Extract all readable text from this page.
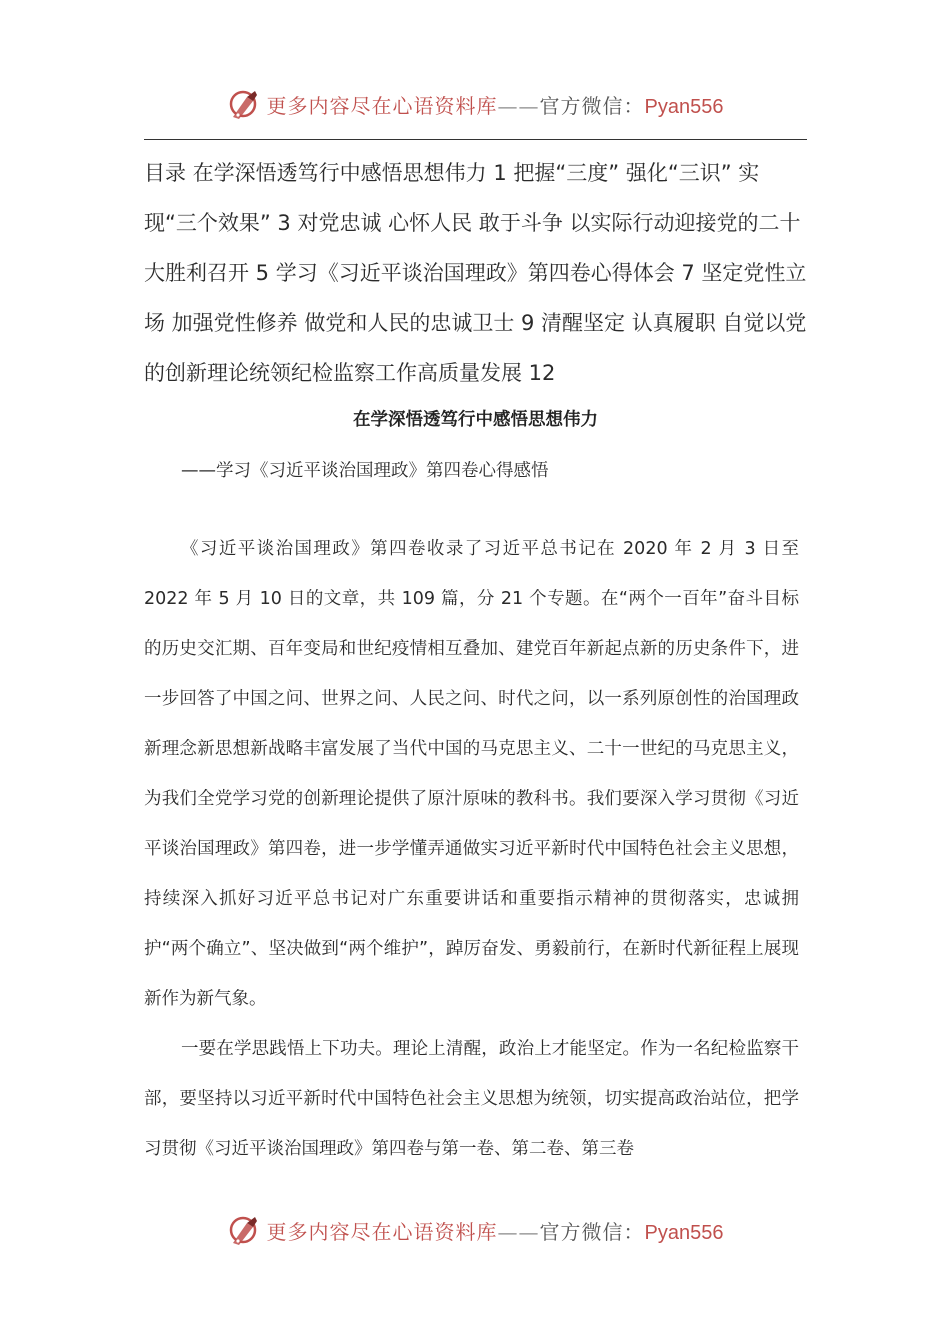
更多内容尽在心语资料库——官方微信：Pyan556

目录 在学深悟透笃行中感悟思想伟力 1 把握“三度” 强化“三识” 实现“三个效果” 3 对党忠诚 心怀人民 敢于斗争 以实际行动迎接党的二十大胜利召开 5 学习《习近平谈治国理政》第四卷心得体会 7 坚定党性立场 加强党性修养 做党和人民的忠诚卫士 9 清醒坚定 认真履职 自觉以党的创新理论统领纪检监察工作高质量发展 12

在学深悟透笃行中感悟思想伟力

——学习《习近平谈治国理政》第四卷心得感悟

《习近平谈治国理政》第四卷收录了习近平总书记在 2020 年 2 月 3 日至 2022 年 5 月 10 日的文章，共 109 篇，分 21 个专题。在“两个一百年”奋斗目标的历史交汇期、百年变局和世纪疫情相互叠加、建党百年新起点新的历史条件下，进一步回答了中国之问、世界之问、人民之问、时代之问，以一系列原创性的治国理政新理念新思想新战略丰富发展了当代中国的马克思主义、二十一世纪的马克思主义，为我们全党学习党的创新理论提供了原汁原味的教科书。我们要深入学习贯彻《习近平谈治国理政》第四卷，进一步学懂弄通做实习近平新时代中国特色社会主义思想，持续深入抓好习近平总书记对广东重要讲话和重要指示精神的贯彻落实，忠诚拥护“两个确立”、坚决做到“两个维护”，踔厉奋发、勇毅前行，在新时代新征程上展现新作为新气象。

一要在学思践悟上下功夫。理论上清醒，政治上才能坚定。作为一名纪检监察干部，要坚持以习近平新时代中国特色社会主义思想为统领，切实提高政治站位，把学习贯彻《习近平谈治国理政》第四卷与第一卷、第二卷、第三卷

更多内容尽在心语资料库——官方微信：Pyan556
